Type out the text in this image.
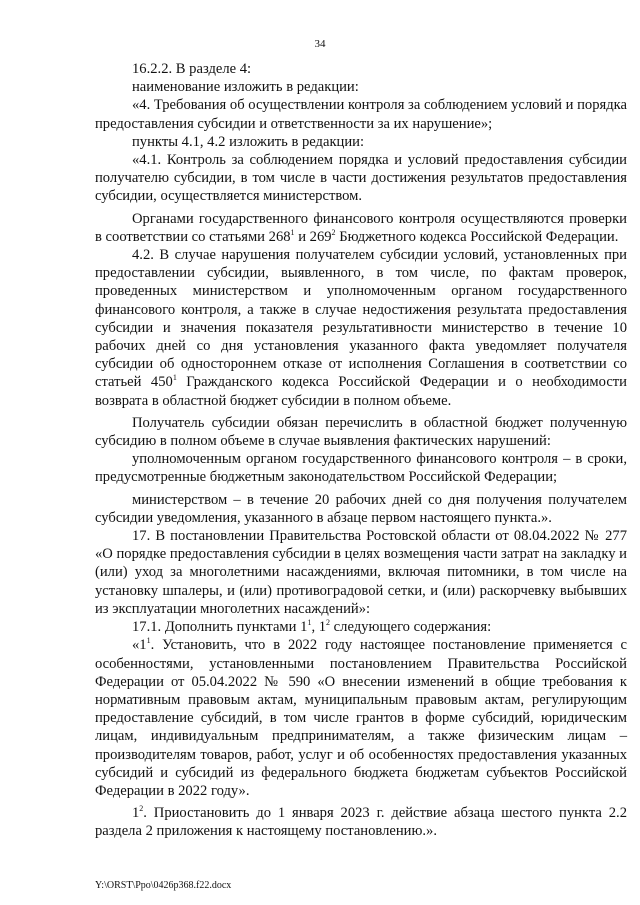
34

16.2.2. В разделе 4:

наименование изложить в редакции:

«4. Требования об осуществлении контроля за соблюдением условий и порядка предоставления субсидии и ответственности за их нарушение»;

пункты 4.1, 4.2 изложить в редакции:

«4.1. Контроль за соблюдением порядка и условий предоставления субсидии получателю субсидии, в том числе в части достижения результатов предоставления субсидии, осуществляется министерством.

Органами государственного финансового контроля осуществляются проверки в соответствии со статьями $268^1$ и $269^2$ Бюджетного кодекса Российской Федерации.

4.2. В случае нарушения получателем субсидии условий, установленных при предоставлении субсидии, выявленного, в том числе, по фактам проверок, проведенных министерством и уполномоченным органом государственного финансового контроля, а также в случае недостижения результата предоставления субсидии и значения показателя результативности министерство в течение 10 рабочих дней со дня установления указанного факта уведомляет получателя субсидии об одностороннем отказе от исполнения Соглашения в соответствии со статьей $450^1$ Гражданского кодекса Российской Федерации и о необходимости возврата в областной бюджет субсидии в полном объеме.

Получатель субсидии обязан перечислить в областной бюджет полученную субсидию в полном объеме в случае выявления фактических нарушений:

уполномоченным органом государственного финансового контроля – в сроки, предусмотренные бюджетным законодательством Российской Федерации;

министерством – в течение 20 рабочих дней со дня получения получателем субсидии уведомления, указанного в абзаце первом настоящего пункта.».

17. В постановлении Правительства Ростовской области от 08.04.2022 № 277 «О порядке предоставления субсидии в целях возмещения части затрат на закладку и (или) уход за многолетними насаждениями, включая питомники, в том числе на установку шпалеры, и (или) противоградовой сетки, и (или) раскорчевку выбывших из эксплуатации многолетних насаждений»:

17.1. Дополнить пунктами $1^1$, $1^2$ следующего содержания:

«$1^1$. Установить, что в 2022 году настоящее постановление применяется с особенностями, установленными постановлением Правительства Российской Федерации от 05.04.2022 № 590 «О внесении изменений в общие требования к нормативным правовым актам, муниципальным правовым актам, регулирующим предоставление субсидий, в том числе грантов в форме субсидий, юридическим лицам, индивидуальным предпринимателям, а также физическим лицам – производителям товаров, работ, услуг и об особенностях предоставления указанных субсидий и субсидий из федерального бюджета бюджетам субъектов Российской Федерации в 2022 году».

$1^2$. Приостановить до 1 января 2023 г. действие абзаца шестого пункта 2.2 раздела 2 приложения к настоящему постановлению.».

Y:\ORST\Ppo\0426p368.f22.docx
